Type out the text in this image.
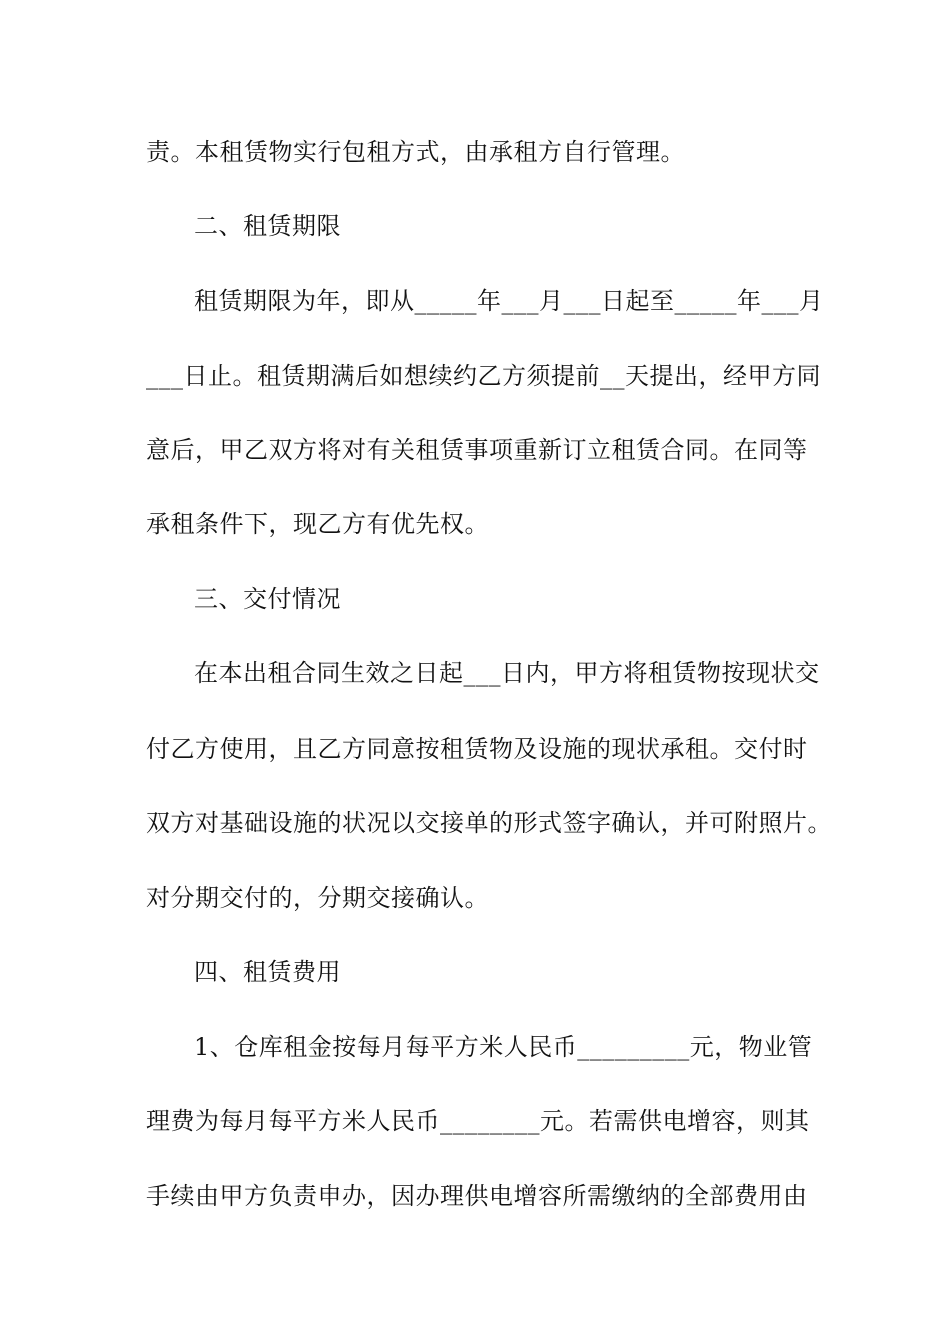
责。本租赁物实行包租方式，由承租方自行管理。
二、租赁期限
租赁期限为年，即从_____年___月___日起至_____年___月
___日止。租赁期满后如想续约乙方须提前__天提出，经甲方同
意后，甲乙双方将对有关租赁事项重新订立租赁合同。在同等
承租条件下，现乙方有优先权。
三、交付情况
在本出租合同生效之日起___日内，甲方将租赁物按现状交
付乙方使用，且乙方同意按租赁物及设施的现状承租。交付时
双方对基础设施的状况以交接单的形式签字确认，并可附照片。
对分期交付的，分期交接确认。
四、租赁费用
1、仓库租金按每月每平方米人民币_________元，物业管
理费为每月每平方米人民币________元。若需供电增容，则其
手续由甲方负责申办，因办理供电增容所需缴纳的全部费用由
